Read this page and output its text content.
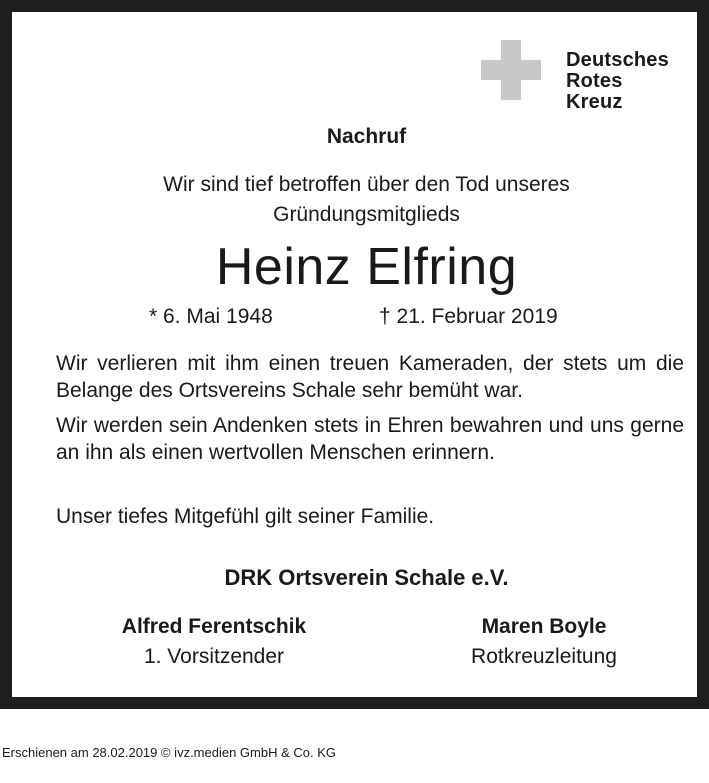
Deutsches
Rotes
Kreuz
Nachruf
Wir sind tief betroffen über den Tod unseres
Gründungsmitglieds
Heinz Elfring
* 6. Mai 1948	† 21. Februar 2019
Wir verlieren mit ihm einen treuen Kameraden, der stets um die Belange des Ortsvereins Schale sehr bemüht war.
Wir werden sein Andenken stets in Ehren bewahren und uns gerne an ihn als einen wertvollen Menschen erinnern.
Unser tiefes Mitgefühl gilt seiner Familie.
DRK Ortsverein Schale e.V.
Alfred Ferentschik
1. Vorsitzender
Maren Boyle
Rotkreuzleitung
Erschienen am 28.02.2019 © ivz.medien GmbH & Co. KG
